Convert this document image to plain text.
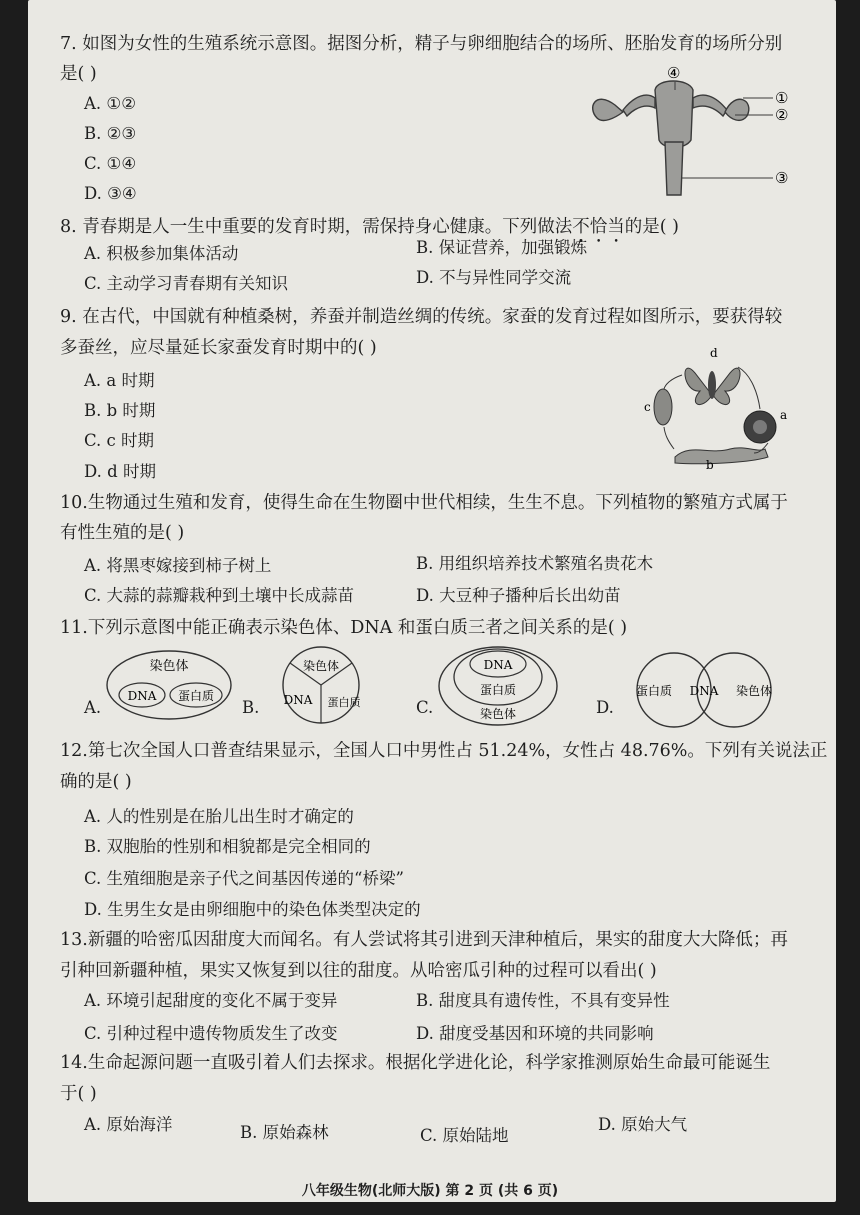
7. 如图为女性的生殖系统示意图。据图分析，精子与卵细胞结合的场所、胚胎发育的场所分别
是( )
A. ①②
B. ②③
C. ①④
D. ③④
④
①
②
③
8. 青春期是人一生中重要的发育时期，需保持身心健康。下列做法不恰当的是( )
A. 积极参加集体活动	B. 保证营养，加强锻炼
C. 主动学习青春期有关知识	D. 不与异性同学交流
9. 在古代，中国就有种植桑树，养蚕并制造丝绸的传统。家蚕的发育过程如图所示，要获得较
多蚕丝，应尽量延长家蚕发育时期中的( )
A. a 时期
B. b 时期
C. c 时期
D. d 时期
d
c
a
b
10.生物通过生殖和发育，使得生命在生物圈中世代相续，生生不息。下列植物的繁殖方式属于
有性生殖的是( )
A. 将黑枣嫁接到柿子树上	B. 用组织培养技术繁殖名贵花木
C. 大蒜的蒜瓣栽种到土壤中长成蒜苗	D. 大豆种子播种后长出幼苗
11.下列示意图中能正确表示染色体、DNA 和蛋白质三者之间关系的是( )
A.
染色体
DNA 蛋白质
B.
染色体
DNA 蛋白质	C.
DNA
蛋白质
染色体	D.
蛋白质 DNA 染色体
12.第七次全国人口普查结果显示，全国人口中男性占 51.24%，女性占 48.76%。下列有关说法正
确的是( )
A. 人的性别是在胎儿出生时才确定的
B. 双胞胎的性别和相貌都是完全相同的
C. 生殖细胞是亲子代之间基因传递的“桥梁”
D. 生男生女是由卵细胞中的染色体类型决定的
13.新疆的哈密瓜因甜度大而闻名。有人尝试将其引进到天津种植后，果实的甜度大大降低；再
引种回新疆种植，果实又恢复到以往的甜度。从哈密瓜引种的过程可以看出( )
A. 环境引起甜度的变化不属于变异	B. 甜度具有遗传性，不具有变异性
C. 引种过程中遗传物质发生了改变	D. 甜度受基因和环境的共同影响
14.生命起源问题一直吸引着人们去探求。根据化学进化论，科学家推测原始生命最可能诞生
于( )
A. 原始海洋	B. 原始森林	C. 原始陆地
D. 原始大气
八年级生物(北师大版) 第 2 页 (共 6 页)
